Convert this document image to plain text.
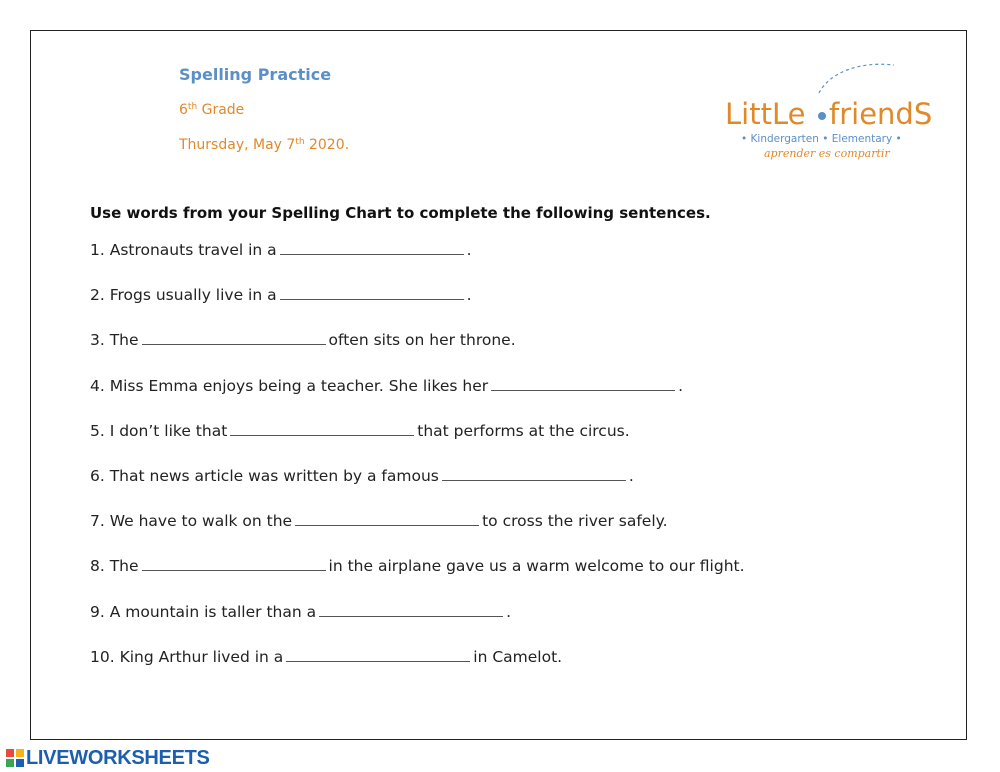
Spelling Practice
6th Grade
Thursday, May 7th 2020.
LittLe friendS
• Kindergarten • Elementary •
aprender es compartir
Use words from your Spelling Chart to complete the following sentences.
1. Astronauts travel in a	.
2. Frogs usually live in a	.
3. The	often sits on her throne.
4. Miss Emma enjoys being a teacher. She likes her	.
5. I don’t like that	that performs at the circus.
6. That news article was written by a famous	.
7. We have to walk on the	to cross the river safely.
8. The	in the airplane gave us a warm welcome to our flight.
9. A mountain is taller than a	.
10. King Arthur lived in a	in Camelot.
LIVEWORKSHEETS
